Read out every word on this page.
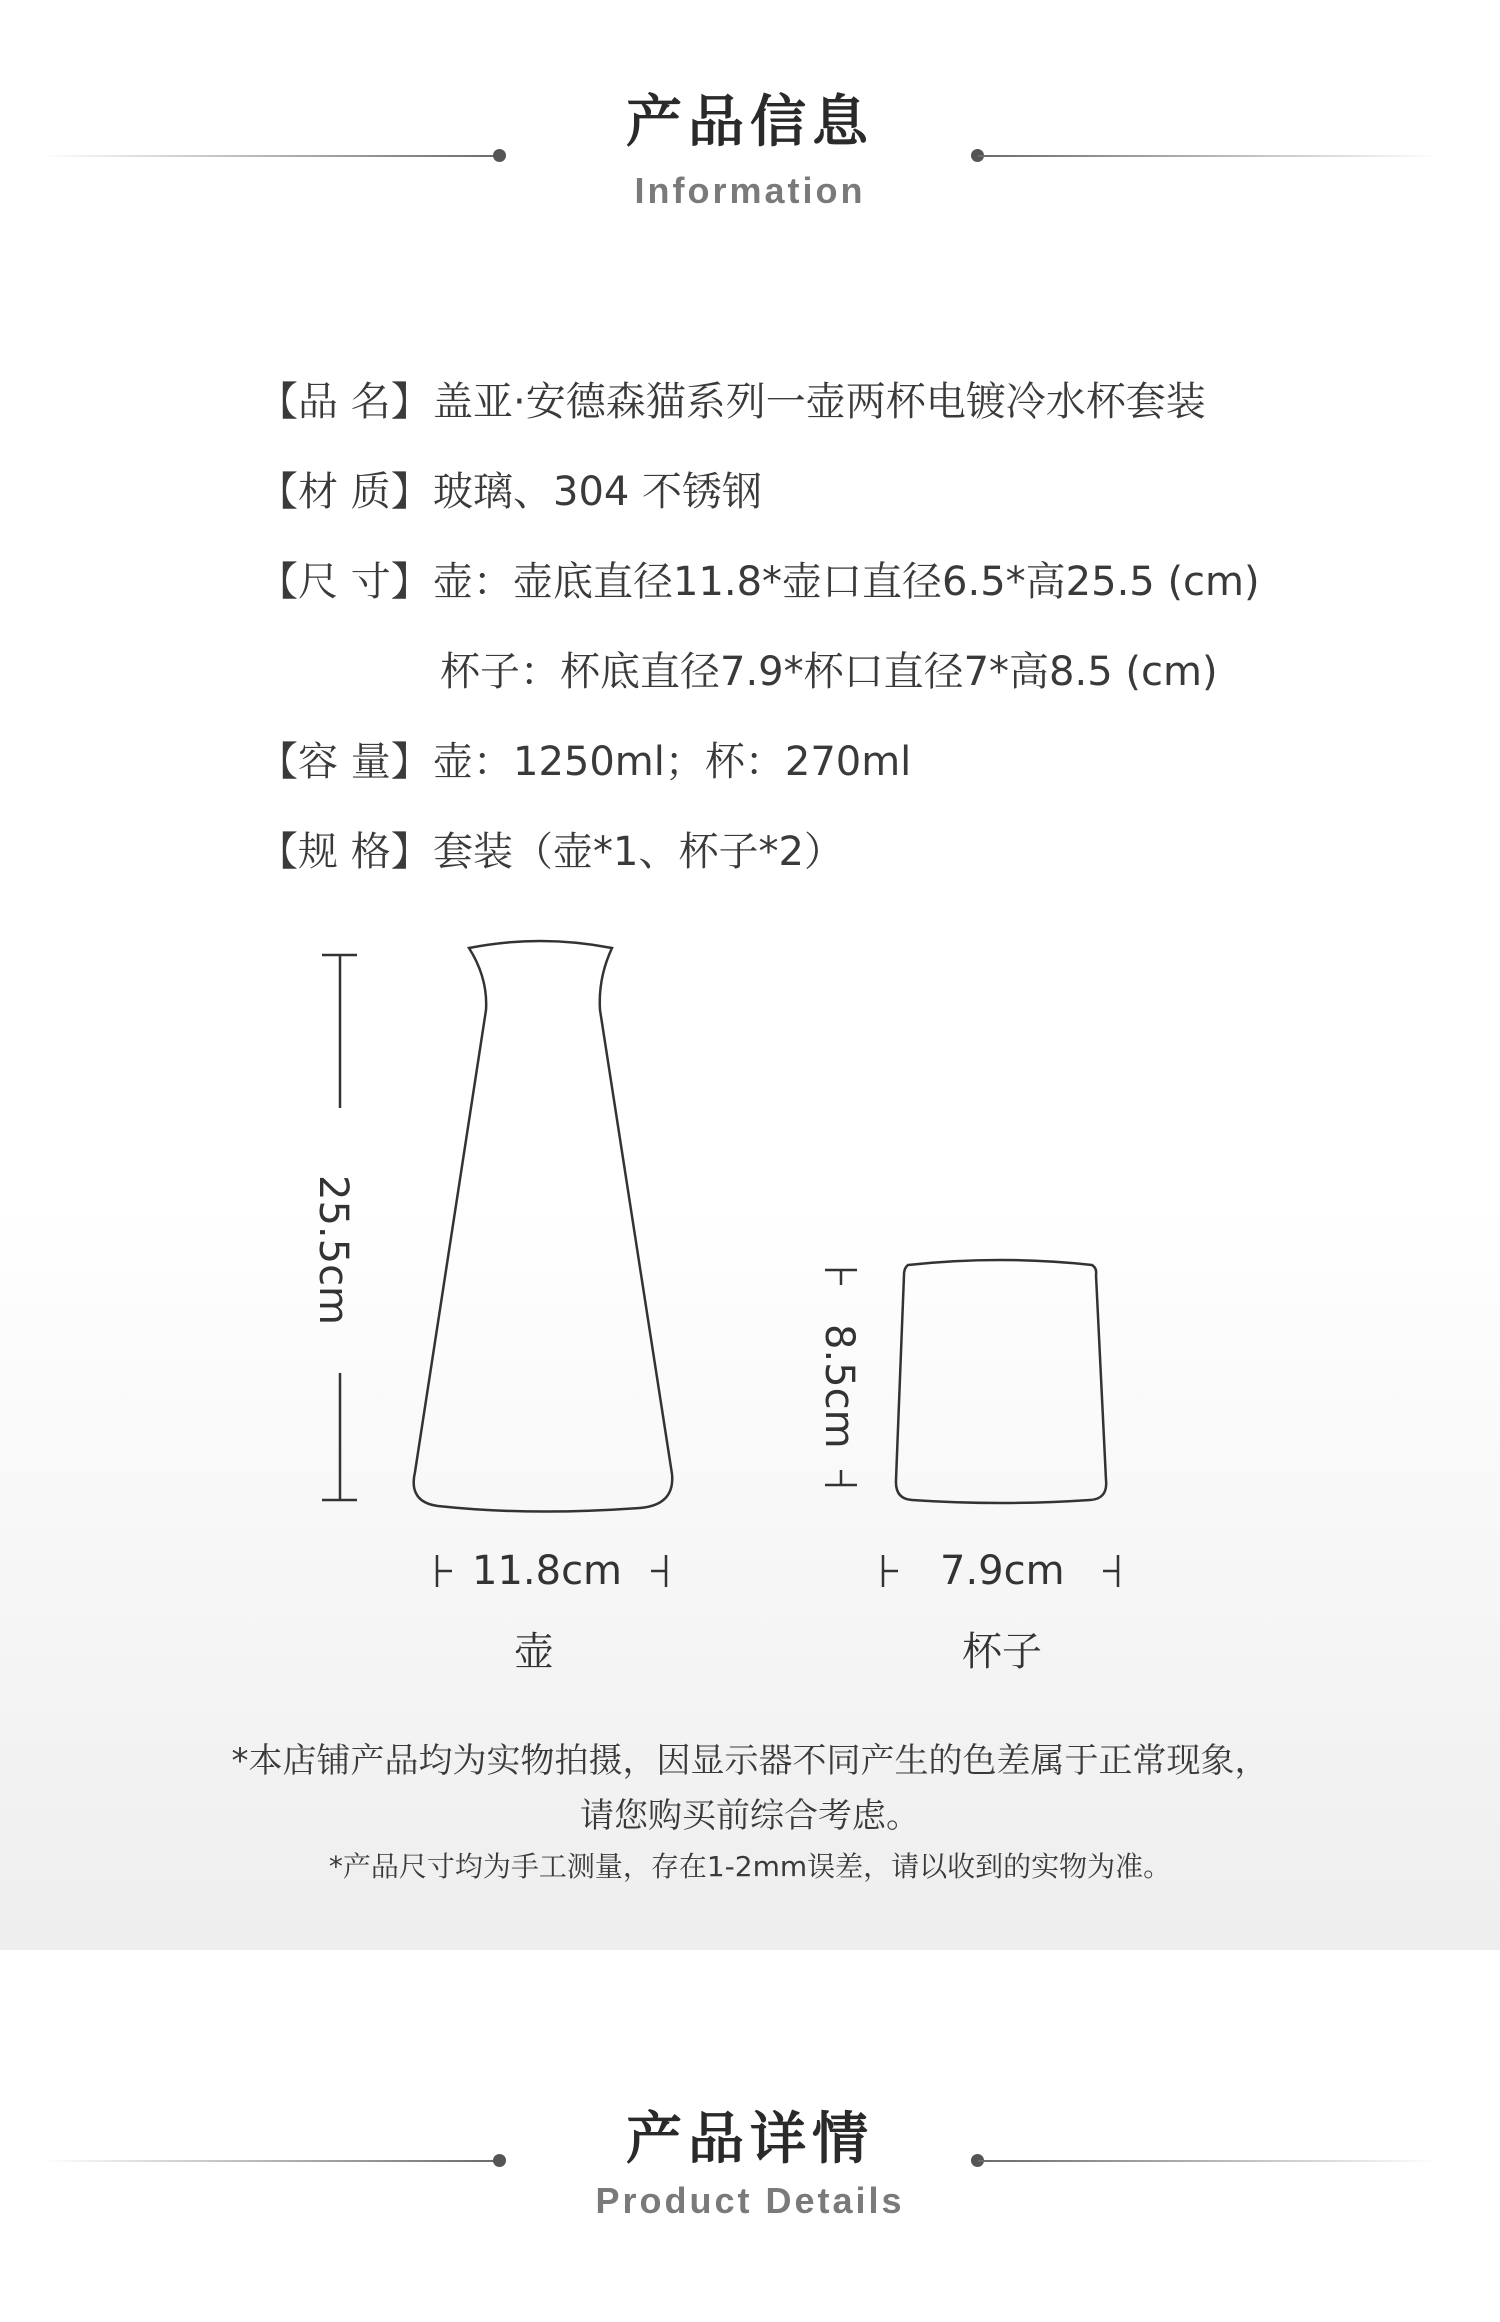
产品信息
Information
【品 名】盖亚·安德森猫系列一壶两杯电镀冷水杯套装
【材 质】玻璃、304 不锈钢
【尺 寸】壶：壶底直径11.8*壶口直径6.5*高25.5 (cm)
杯子：杯底直径7.9*杯口直径7*高8.5 (cm)
【容 量】壶：1250ml；杯：270ml
【规 格】套装（壶*1、杯子*2）
25.5cm
8.5cm
11.8cm	7.9cm
壶	杯子
*本店铺产品均为实物拍摄，因显示器不同产生的色差属于正常现象，
请您购买前综合考虑。
*产品尺寸均为手工测量，存在1-2mm误差，请以收到的实物为准。
产品详情
Product Details
